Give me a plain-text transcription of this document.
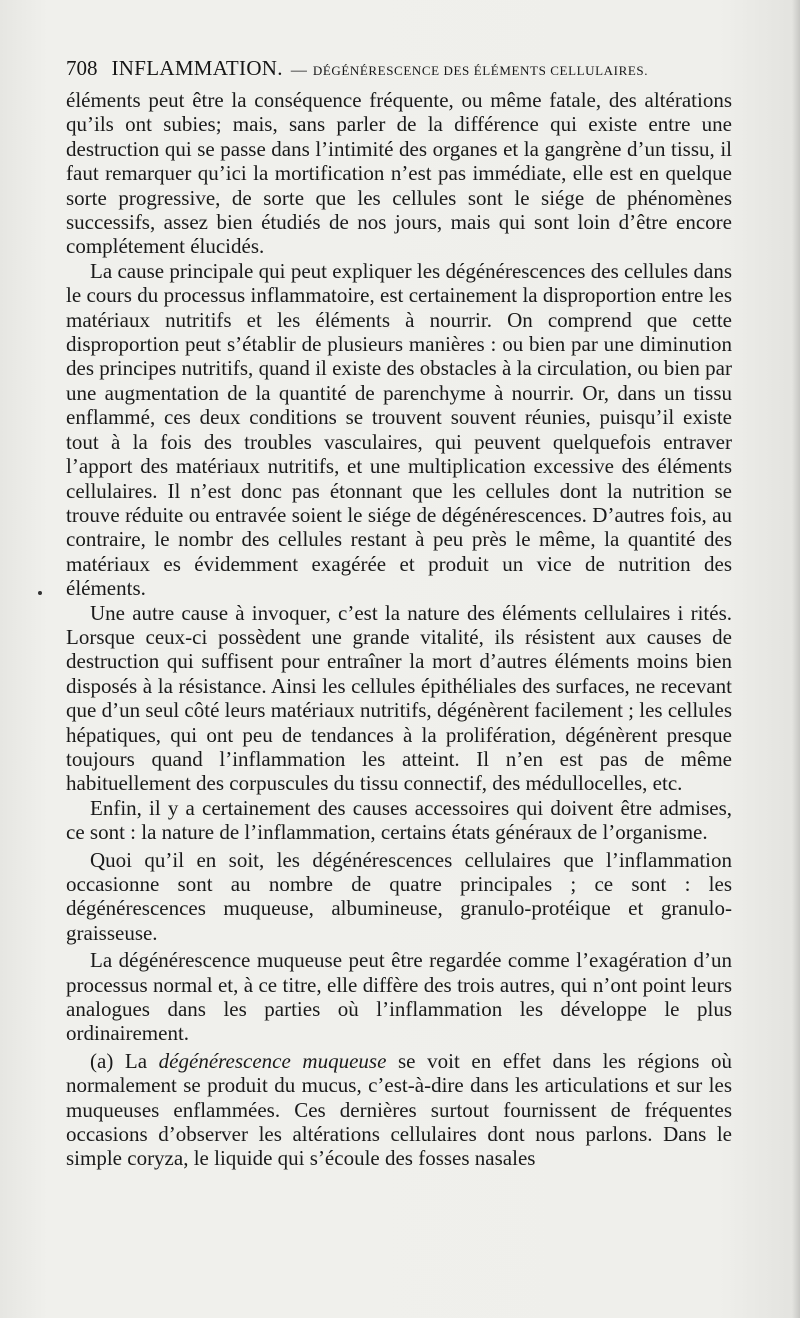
708 INFLAMMATION. — DÉGÉNÉRESCENCE DES ÉLÉMENTS CELLULAIRES.

éléments peut être la conséquence fréquente, ou même fatale, des altérations qu’ils ont subies; mais, sans parler de la différence qui existe entre une destruction qui se passe dans l’intimité des organes et la gangrène d’un tissu, il faut remarquer qu’ici la mortification n’est pas immédiate, elle est en quelque sorte progressive, de sorte que les cellules sont le siége de phénomènes successifs, assez bien étudiés de nos jours, mais qui sont loin d’être encore complétement élucidés.

La cause principale qui peut expliquer les dégénérescences des cellules dans le cours du processus inflammatoire, est certainement la disproportion entre les matériaux nutritifs et les éléments à nourrir. On comprend que cette disproportion peut s’établir de plusieurs manières : ou bien par une diminution des principes nutritifs, quand il existe des obstacles à la circulation, ou bien par une augmentation de la quantité de parenchyme à nourrir. Or, dans un tissu enflammé, ces deux conditions se trouvent souvent réunies, puisqu’il existe tout à la fois des troubles vasculaires, qui peuvent quelquefois entraver l’apport des matériaux nutritifs, et une multiplication excessive des éléments cellulaires. Il n’est donc pas étonnant que les cellules dont la nutrition se trouve réduite ou entravée soient le siége de dégénérescences. D’autres fois, au contraire, le nombr des cellules restant à peu près le même, la quantité des matériaux es évidemment exagérée et produit un vice de nutrition des éléments.

Une autre cause à invoquer, c’est la nature des éléments cellulaires i rités. Lorsque ceux-ci possèdent une grande vitalité, ils résistent aux causes de destruction qui suffisent pour entraîner la mort d’autres éléments moins bien disposés à la résistance. Ainsi les cellules épithéliales des surfaces, ne recevant que d’un seul côté leurs matériaux nutritifs, dégénèrent facilement ; les cellules hépatiques, qui ont peu de tendances à la prolifération, dégénèrent presque toujours quand l’inflammation les atteint. Il n’en est pas de même habituellement des corpuscules du tissu connectif, des médullocelles, etc.

Enfin, il y a certainement des causes accessoires qui doivent être admises, ce sont : la nature de l’inflammation, certains états généraux de l’organisme.

Quoi qu’il en soit, les dégénérescences cellulaires que l’inflammation occasionne sont au nombre de quatre principales ; ce sont : les dégénérescences muqueuse, albumineuse, granulo-protéique et granulo-graisseuse.

La dégénérescence muqueuse peut être regardée comme l’exagération d’un processus normal et, à ce titre, elle diffère des trois autres, qui n’ont point leurs analogues dans les parties où l’inflammation les développe le plus ordinairement.

(a) La dégénérescence muqueuse se voit en effet dans les régions où normalement se produit du mucus, c’est-à-dire dans les articulations et sur les muqueuses enflammées. Ces dernières surtout fournissent de fréquentes occasions d’observer les altérations cellulaires dont nous parlons. Dans le simple coryza, le liquide qui s’écoule des fosses nasales
